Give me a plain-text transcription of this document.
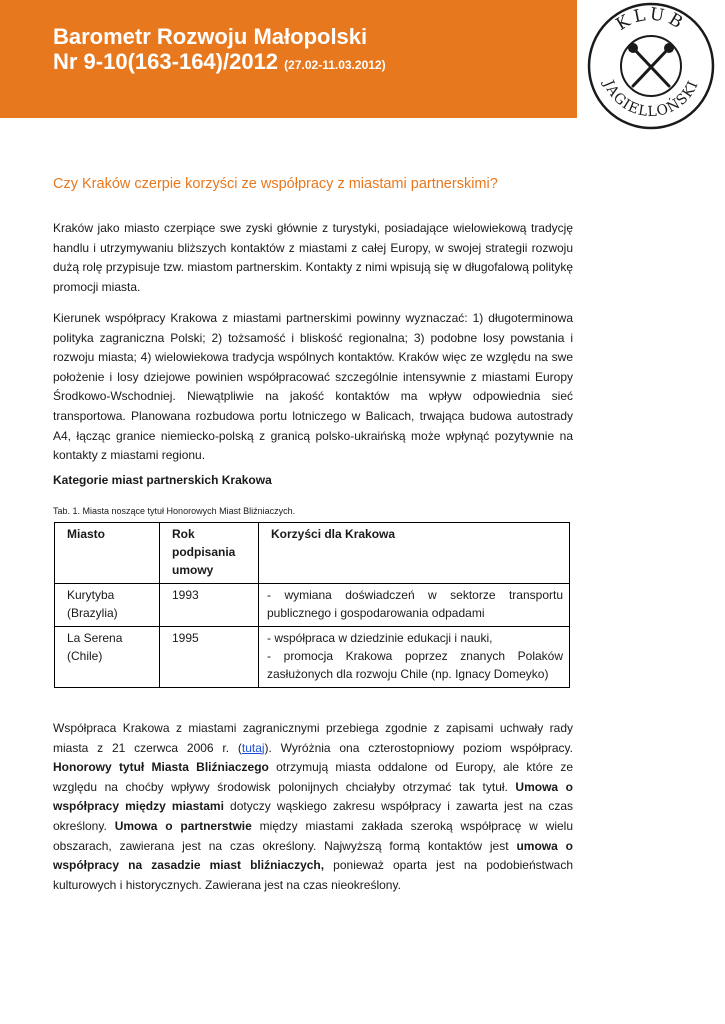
Barometr Rozwoju Małopolski
Nr 9-10(163-164)/2012 (27.02-11.03.2012)
KLUB
JAGIELLOŃSKI
Czy Kraków czerpie korzyści ze współpracy z miastami partnerskimi?
Kraków jako miasto czerpiące swe zyski głównie z turystyki, posiadające wielowiekową tradycję handlu i utrzymywaniu bliższych kontaktów z miastami z całej Europy, w swojej strategii rozwoju dużą rolę przypisuje tzw. miastom partnerskim. Kontakty z nimi wpisują się w długofalową politykę promocji miasta.
Kierunek współpracy Krakowa z miastami partnerskimi powinny wyznaczać: 1) długoterminowa polityka zagraniczna Polski; 2) tożsamość i bliskość regionalna; 3) podobne losy powstania i rozwoju miasta; 4) wielowiekowa tradycja wspólnych kontaktów. Kraków więc ze względu na swe położenie i losy dziejowe powinien współpracować szczególnie intensywnie z miastami Europy Środkowo-Wschodniej. Niewątpliwie na jakość kontaktów ma wpływ odpowiednia sieć transportowa. Planowana rozbudowa portu lotniczego w Balicach, trwająca budowa autostrady A4, łącząc granice niemiecko-polską z granicą polsko-ukraińską może wpłynąć pozytywnie na kontakty z miastami regionu.
Kategorie miast partnerskich Krakowa
Tab. 1. Miasta noszące tytuł Honorowych Miast Bliźniaczych.
Miasto	Rok podpisania umowy	Korzyści dla Krakowa
Kurytyba (Brazylia)	1993	- wymiana doświadczeń w sektorze transportu publicznego i gospodarowania odpadami
La Serena (Chile)	1995	- współpraca w dziedzinie edukacji i nauki,
- promocja Krakowa poprzez znanych Polaków zasłużonych dla rozwoju Chile (np. Ignacy Domeyko)
Współpraca Krakowa z miastami zagranicznymi przebiega zgodnie z zapisami uchwały rady miasta z 21 czerwca 2006 r. (tutaj). Wyróżnia ona czterostopniowy poziom współpracy. Honorowy tytuł Miasta Bliźniaczego otrzymują miasta oddalone od Europy, ale które ze względu na choćby wpływy środowisk polonijnych chciałyby otrzymać tak tytuł. Umowa o współpracy między miastami dotyczy wąskiego zakresu współpracy i zawarta jest na czas określony. Umowa o partnerstwie między miastami zakłada szeroką współpracę w wielu obszarach, zawierana jest na czas określony. Najwyższą formą kontaktów jest umowa o współpracy na zasadzie miast bliźniaczych, ponieważ oparta jest na podobieństwach kulturowych i historycznych. Zawierana jest na czas nieokreślony.
